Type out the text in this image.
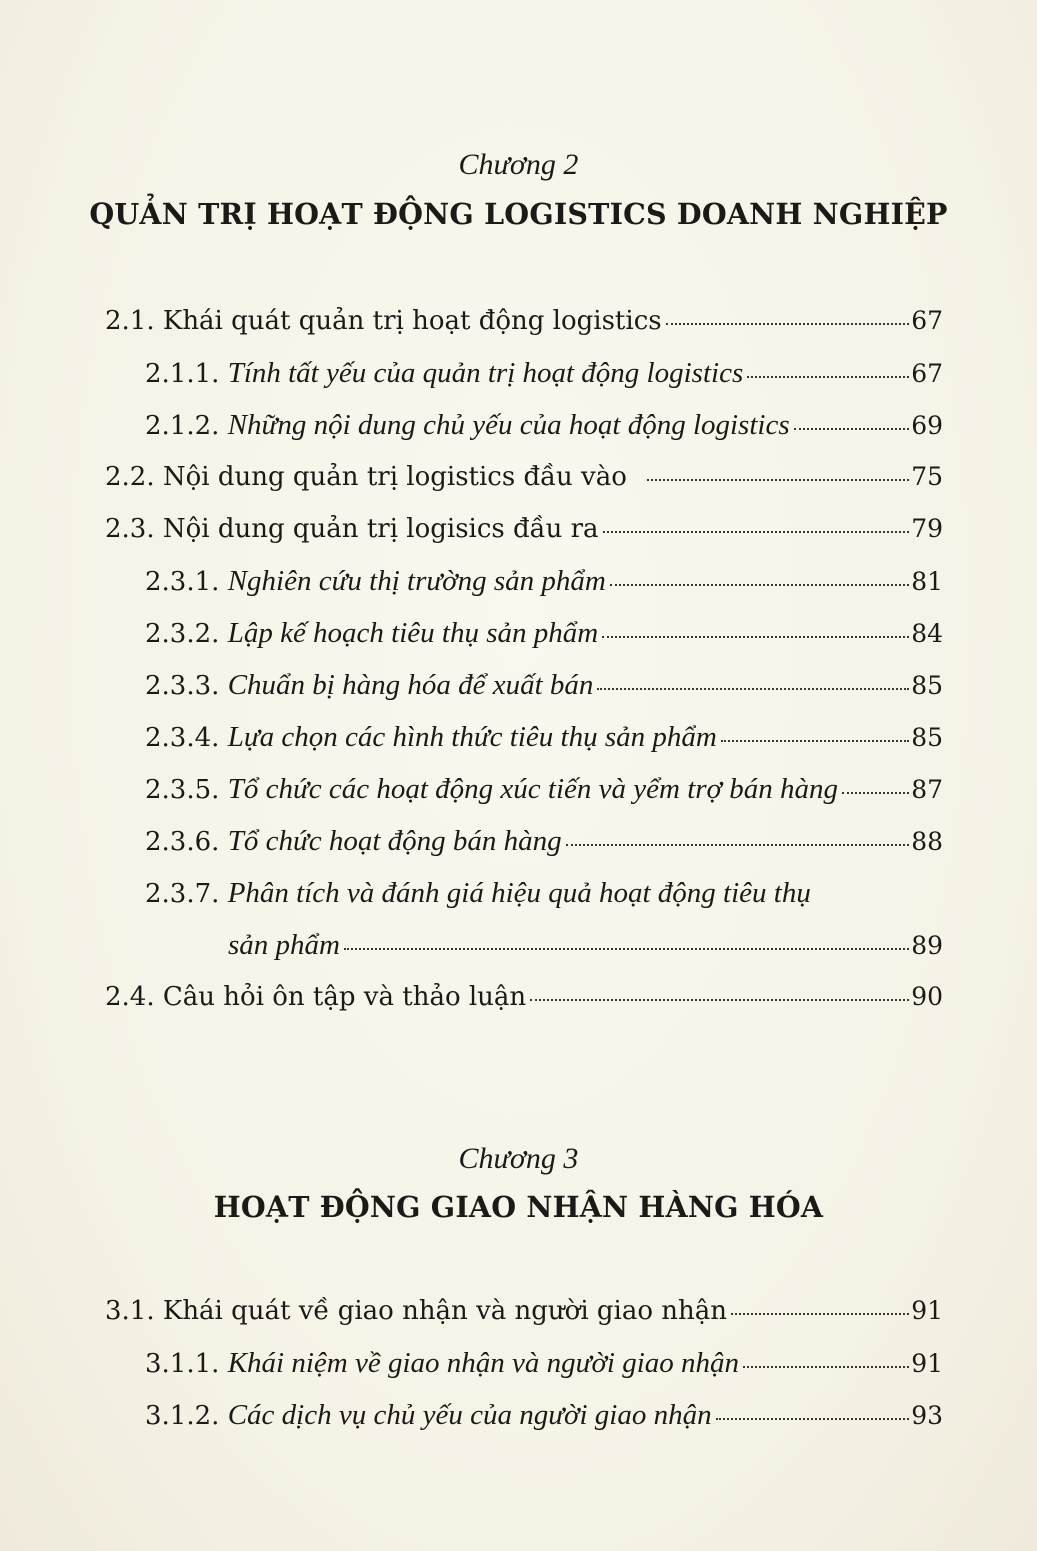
Chương 2
QUẢN TRỊ HOẠT ĐỘNG LOGISTICS DOANH NGHIỆP
2.1. Khái quát quản trị hoạt động logistics	67
2.1.1. Tính tất yếu của quản trị hoạt động logistics	67
2.1.2. Những nội dung chủ yếu của hoạt động logistics	69
2.2. Nội dung quản trị logistics đầu vào	75
2.3. Nội dung quản trị logisics đầu ra	79
2.3.1. Nghiên cứu thị trường sản phẩm	81
2.3.2. Lập kế hoạch tiêu thụ sản phẩm	84
2.3.3. Chuẩn bị hàng hóa để xuất bán	85
2.3.4. Lựa chọn các hình thức tiêu thụ sản phẩm	85
2.3.5. Tổ chức các hoạt động xúc tiến và yểm trợ bán hàng	87
2.3.6. Tổ chức hoạt động bán hàng	88
2.3.7. Phân tích và đánh giá hiệu quả hoạt động tiêu thụ
sản phẩm	89
2.4. Câu hỏi ôn tập và thảo luận	90
Chương 3
HOẠT ĐỘNG GIAO NHẬN HÀNG HÓA
3.1. Khái quát về giao nhận và người giao nhận	91
3.1.1. Khái niệm về giao nhận và người giao nhận	91
3.1.2. Các dịch vụ chủ yếu của người giao nhận	93
